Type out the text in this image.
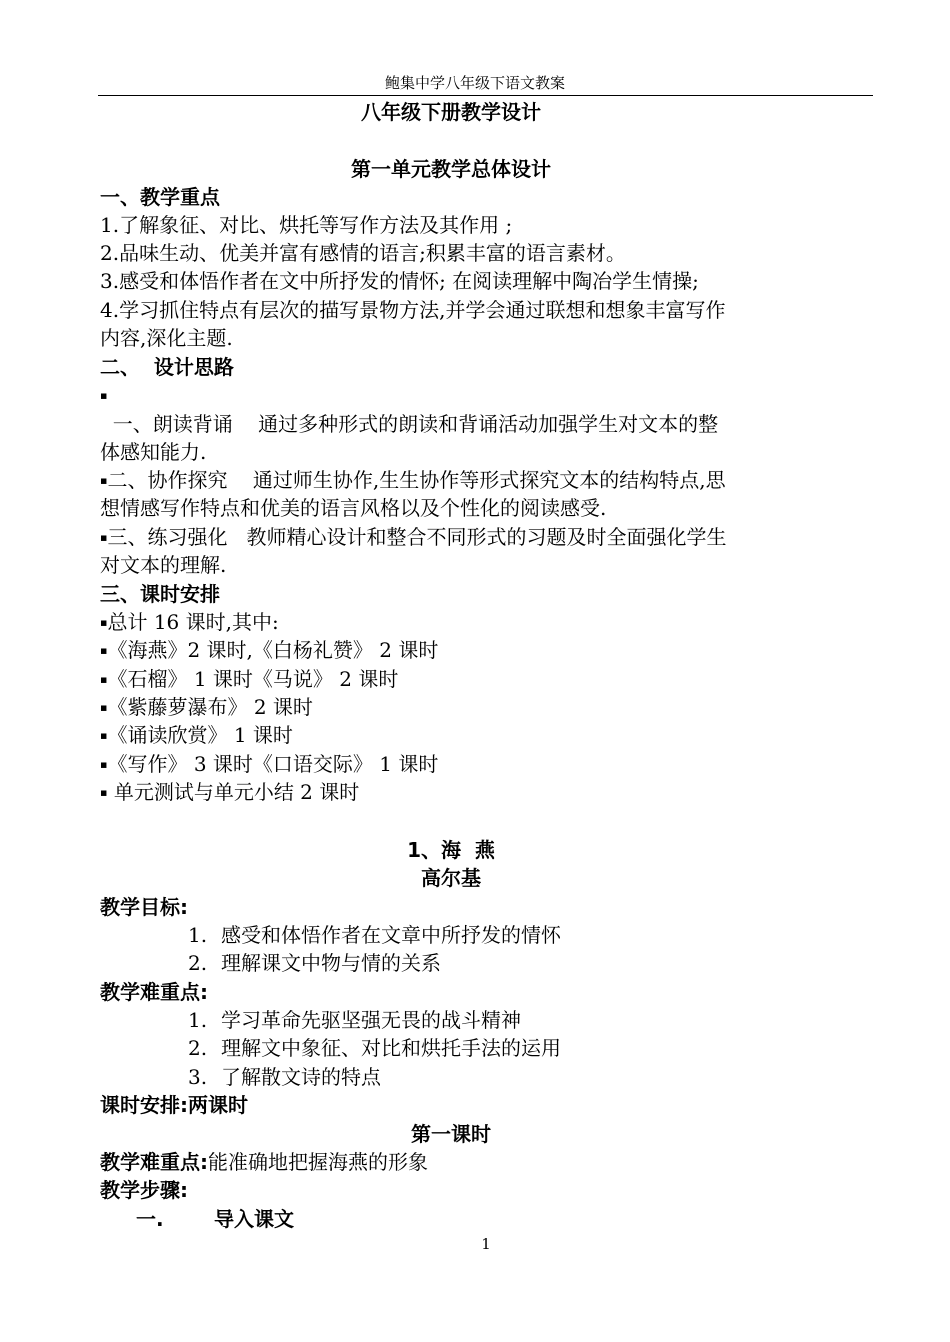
鲍集中学八年级下语文教案
八年级下册教学设计
第一单元教学总体设计
一、教学重点
1.了解象征、对比、烘托等写作方法及其作用 ;
2.品味生动、优美并富有感情的语言;积累丰富的语言素材。
3.感受和体悟作者在文中所抒发的情怀; 在阅读理解中陶冶学生情操;
4.学习抓住特点有层次的描写景物方法,并学会通过联想和想象丰富写作
内容,深化主题.
二、  设计思路
▪
一、朗读背诵    通过多种形式的朗读和背诵活动加强学生对文本的整
体感知能力.
▪二、协作探究    通过师生协作,生生协作等形式探究文本的结构特点,思
想情感写作特点和优美的语言风格以及个性化的阅读感受.
▪三、练习强化   教师精心设计和整合不同形式的习题及时全面强化学生
对文本的理解.
三、课时安排
▪总计 16 课时,其中:
▪《海燕》2 课时,《白杨礼赞》 2 课时
▪《石榴》 1 课时《马说》 2 课时
▪《紫藤萝瀑布》 2 课时
▪《诵读欣赏》 1 课时
▪《写作》 3 课时《口语交际》 1 课时
▪ 单元测试与单元小结 2 课时
1、海  燕
高尔基
教学目标:
1. 感受和体悟作者在文章中所抒发的情怀
2. 理解课文中物与情的关系
教学难重点:
1. 学习革命先驱坚强无畏的战斗精神
2. 理解文中象征、对比和烘托手法的运用
3. 了解散文诗的特点
课时安排:两课时
第一课时
教学难重点:能准确地把握海燕的形象
教学步骤:
一.	导入课文
1
